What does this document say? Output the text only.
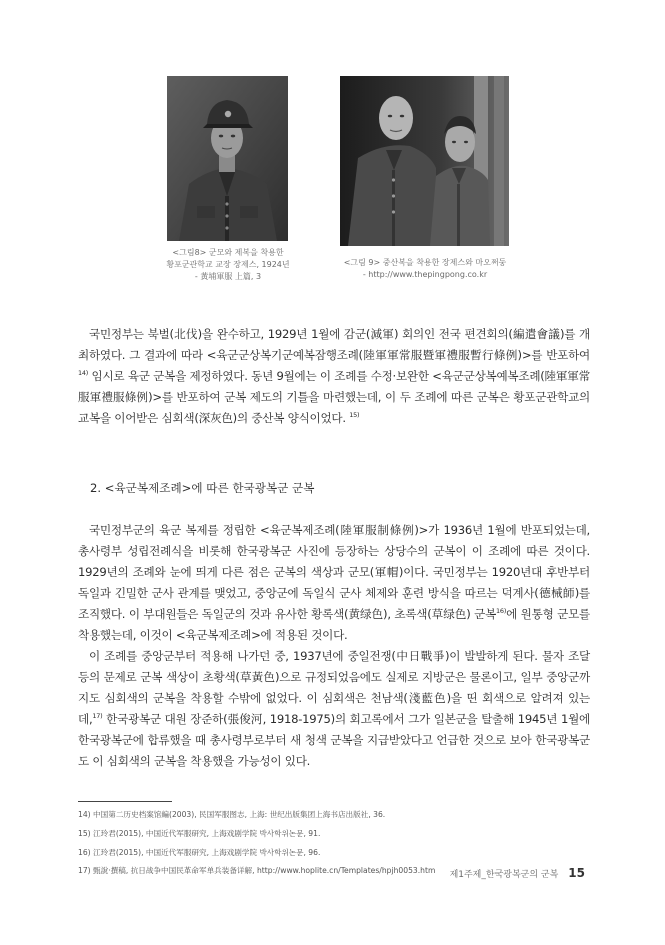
<그림8> 군모와 제복을 착용한
황포군관학교 교장 장제스, 1924년
- 黃埔軍服 上篇, 3
<그림 9> 중산복을 착용한 장제스와 마오쩌둥
- http://www.thepingpong.co.kr

국민정부는 북벌(北伐)을 완수하고, 1929년 1월에 감군(減軍) 회의인 전국 편견회의(編遣會議)를 개최하였다. 그 결과에 따라 <육군군상복기군예복잠행조례(陸軍軍常服暨軍禮服暫行條例)>를 반포하여$^{14)}$ 임시로 육군 군복을 제정하였다. 동년 9월에는 이 조례를 수정·보완한 <육군군상복예복조례(陸軍軍常服軍禮服條例)>를 반포하여 군복 제도의 기틀을 마련했는데, 이 두 조례에 따른 군복은 황포군관학교의 교복을 이어받은 심회색(深灰色)의 중산복 양식이었다. $^{15)}$

2. <육군복제조례>에 따른 한국광복군 군복

국민정부군의 육군 복제를 정립한 <육군복제조례(陸軍服制條例)>가 1936년 1월에 반포되었는데, 총사령부 성립전례식을 비롯해 한국광복군 사진에 등장하는 상당수의 군복이 이 조례에 따른 것이다. 1929년의 조례와 눈에 띄게 다른 점은 군복의 색상과 군모(軍帽)이다. 국민정부는 1920년대 후반부터 독일과 긴밀한 군사 관계를 맺었고, 중앙군에 독일식 군사 체제와 훈련 방식을 따르는 덕계사(德械師)를 조직했다. 이 부대원들은 독일군의 것과 유사한 황록색(黄绿色), 초록색(草绿色) 군복$^{16)}$에 원통형 군모를 착용했는데, 이것이 <육군복제조례>에 적용된 것이다.

이 조례를 중앙군부터 적용해 나가던 중, 1937년에 중일전쟁(中日戰爭)이 발발하게 된다. 물자 조달 등의 문제로 군복 색상이 초황색(草黃色)으로 규정되었음에도 실제로 지방군은 물론이고, 일부 중앙군까지도 심회색의 군복을 착용할 수밖에 없었다. 이 심회색은 천남색(淺藍色)을 띤 회색으로 알려져 있는데,$^{17)}$ 한국광복군 대원 장준하(張俊河, 1918-1975)의 회고록에서 그가 일본군을 탈출해 1945년 1월에 한국광복군에 합류했을 때 총사령부로부터 새 청색 군복을 지급받았다고 언급한 것으로 보아 한국광복군도 이 심회색의 군복을 착용했을 가능성이 있다.

14) 中国第二历史档案馆編(2003), 民国军服图志, 上海: 世纪出版集团上海书店出版社, 36.
15) 江玲君(2015), 中国近代军服研究, 上海戏剧学院 박사학위논문, 91.
16) 江玲君(2015), 中国近代军服研究, 上海戏剧学院 박사학위논문, 96.
17) 甄說·撰稿, 抗日战争中国民革命军单兵装备详解, http://www.hoplite.cn/Templates/hpjh0053.htm 제1주제_한국광복군의 군복 15
